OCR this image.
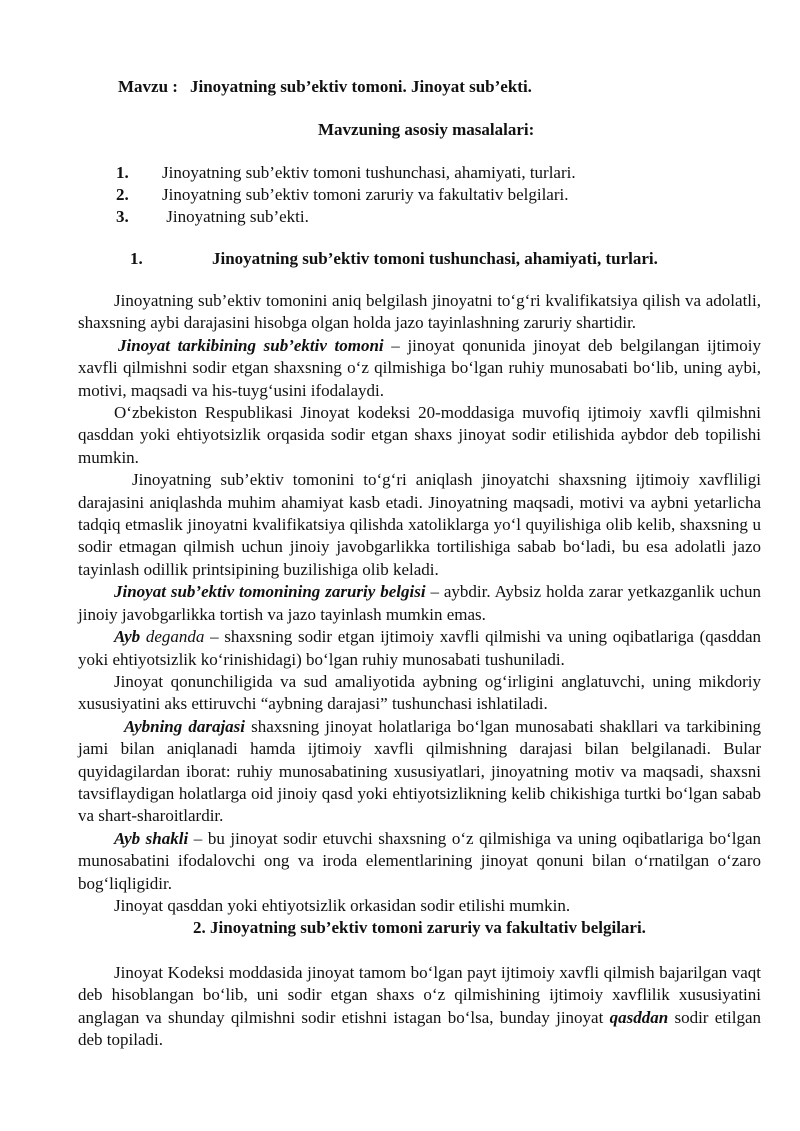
Mavzu : Jinoyatning sub’ektiv tomoni. Jinoyat sub’ekti.
Mavzuning asosiy masalalari:
1. Jinoyatning sub’ektiv tomoni tushunchasi, ahamiyati, turlari.
2. Jinoyatning sub’ektiv tomoni zaruriy va fakultativ belgilari.
3. Jinoyatning sub’ekti.
1.	Jinoyatning sub’ektiv tomoni tushunchasi, ahamiyati, turlari.

Jinoyatning sub’ektiv tomonini aniq belgilash jinoyatni to‘g‘ri kvalifikatsiya qilish va adolatli, shaxsning aybi darajasini hisobga olgan holda jazo tayinlashning zaruriy shartidir.

Jinoyat tarkibining sub’ektiv tomoni – jinoyat qonunida jinoyat deb belgilangan ijtimoiy xavfli qilmishni sodir etgan shaxsning o‘z qilmishiga bo‘lgan ruhiy munosabati bo‘lib, uning aybi, motivi, maqsadi va his-tuyg‘usini ifodalaydi.

O‘zbekiston Respublikasi Jinoyat kodeksi 20-moddasiga muvofiq ijtimoiy xavfli qilmishni qasddan yoki ehtiyotsizlik orqasida sodir etgan shaxs jinoyat sodir etilishida aybdor deb topilishi mumkin.

Jinoyatning sub’ektiv tomonini to‘g‘ri aniqlash jinoyatchi shaxsning ijtimoiy xavfliligi darajasini aniqlashda muhim ahamiyat kasb etadi. Jinoyatning maqsadi, motivi va aybni yetarlicha tadqiq etmaslik jinoyatni kvalifikatsiya qilishda xatoliklarga yo‘l quyilishiga olib kelib, shaxsning u sodir etmagan qilmish uchun jinoiy javobgarlikka tortilishiga sabab bo‘ladi, bu esa adolatli jazo tayinlash odillik printsipining buzilishiga olib keladi.

Jinoyat sub’ektiv tomonining zaruriy belgisi – aybdir. Aybsiz holda zarar yetkazganlik uchun jinoiy javobgarlikka tortish va jazo tayinlash mumkin emas.

Ayb deganda – shaxsning sodir etgan ijtimoiy xavfli qilmishi va uning oqibatlariga (qasddan yoki ehtiyotsizlik ko‘rinishidagi) bo‘lgan ruhiy munosabati tushuniladi.

Jinoyat qonunchiligida va sud amaliyotida aybning og‘irligini anglatuvchi, uning mikdoriy xususiyatini aks ettiruvchi “aybning darajasi” tushunchasi ishlatiladi.

Aybning darajasi shaxsning jinoyat holatlariga bo‘lgan munosabati shakllari va tarkibining jami bilan aniqlanadi hamda ijtimoiy xavfli qilmishning darajasi bilan belgilanadi. Bular quyidagilardan iborat: ruhiy munosabatining xususiyatlari, jinoyatning motiv va maqsadi, shaxsni tavsiflaydigan holatlarga oid jinoiy qasd yoki ehtiyotsizlikning kelib chikishiga turtki bo‘lgan sabab va shart-sharoitlardir.

Ayb shakli – bu jinoyat sodir etuvchi shaxsning o‘z qilmishiga va uning oqibatlariga bo‘lgan munosabatini ifodalovchi ong va iroda elementlarining jinoyat qonuni bilan o‘rnatilgan o‘zaro bog‘liqligidir.

Jinoyat qasddan yoki ehtiyotsizlik orkasidan sodir etilishi mumkin.

2. Jinoyatning sub’ektiv tomoni zaruriy va fakultativ belgilari.

Jinoyat Kodeksi moddasida jinoyat tamom bo‘lgan payt ijtimoiy xavfli qilmish bajarilgan vaqt deb hisoblangan bo‘lib, uni sodir etgan shaxs o‘z qilmishining ijtimoiy xavflilik xususiyatini anglagan va shunday qilmishni sodir etishni istagan bo‘lsa, bunday jinoyat qasddan sodir etilgan deb topiladi.
